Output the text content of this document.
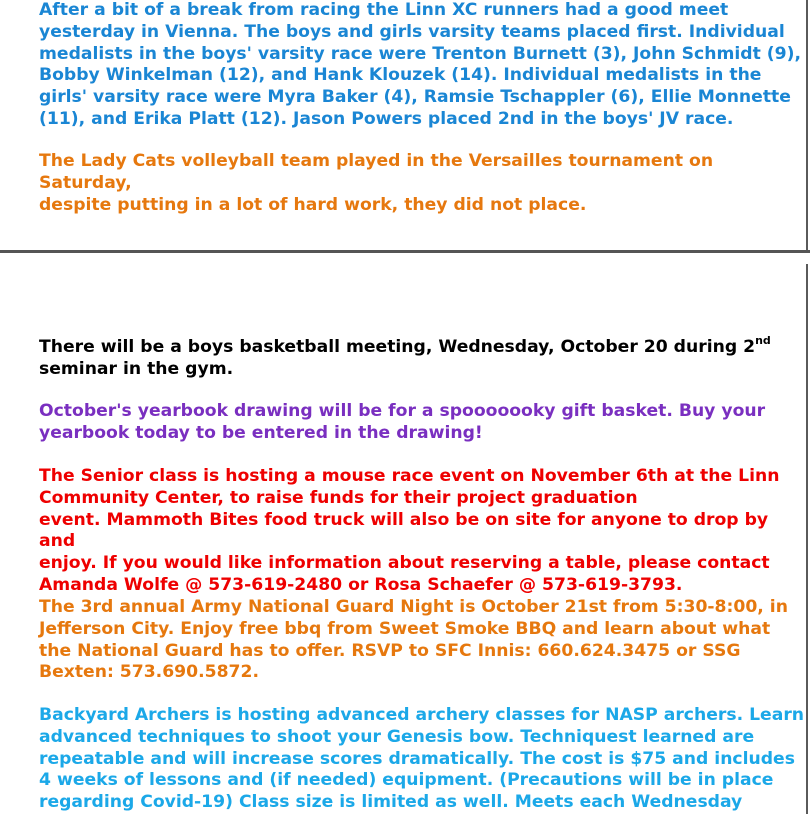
After a bit of a break from racing the Linn XC runners had a good meet
yesterday in Vienna. The boys and girls varsity teams placed first. Individual
medalists in the boys' varsity race were Trenton Burnett (3), John Schmidt (9),
Bobby Winkelman (12), and Hank Klouzek (14). Individual medalists in the
girls' varsity race were Myra Baker (4), Ramsie Tschappler (6), Ellie Monnette
(11), and Erika Platt (12). Jason Powers placed 2nd in the boys' JV race.

The Lady Cats volleyball team played in the Versailles tournament on Saturday,
despite putting in a lot of hard work, they did not place.

There will be a boys basketball meeting, Wednesday, October 20 during 2nd
seminar in the gym.

October's yearbook drawing will be for a spooooooky gift basket. Buy your
yearbook today to be entered in the drawing!

The Senior class is hosting a mouse race event on November 6th at the Linn
Community Center, to raise funds for their project graduation
event. Mammoth Bites food truck will also be on site for anyone to drop by and
enjoy. If you would like information about reserving a table, please contact
Amanda Wolfe @ 573-619-2480 or Rosa Schaefer @ 573-619-3793.

The 3rd annual Army National Guard Night is October 21st from 5:30-8:00, in
Jefferson City. Enjoy free bbq from Sweet Smoke BBQ and learn about what
the National Guard has to offer. RSVP to SFC Innis: 660.624.3475 or SSG
Bexten: 573.690.5872.

Backyard Archers is hosting advanced archery classes for NASP archers. Learn
advanced techniques to shoot your Genesis bow. Techniquest learned are
repeatable and will increase scores dramatically. The cost is $75 and includes
4 weeks of lessons and (if needed) equipment. (Precautions will be in place
regarding Covid-19) Class size is limited as well. Meets each Wednesday
